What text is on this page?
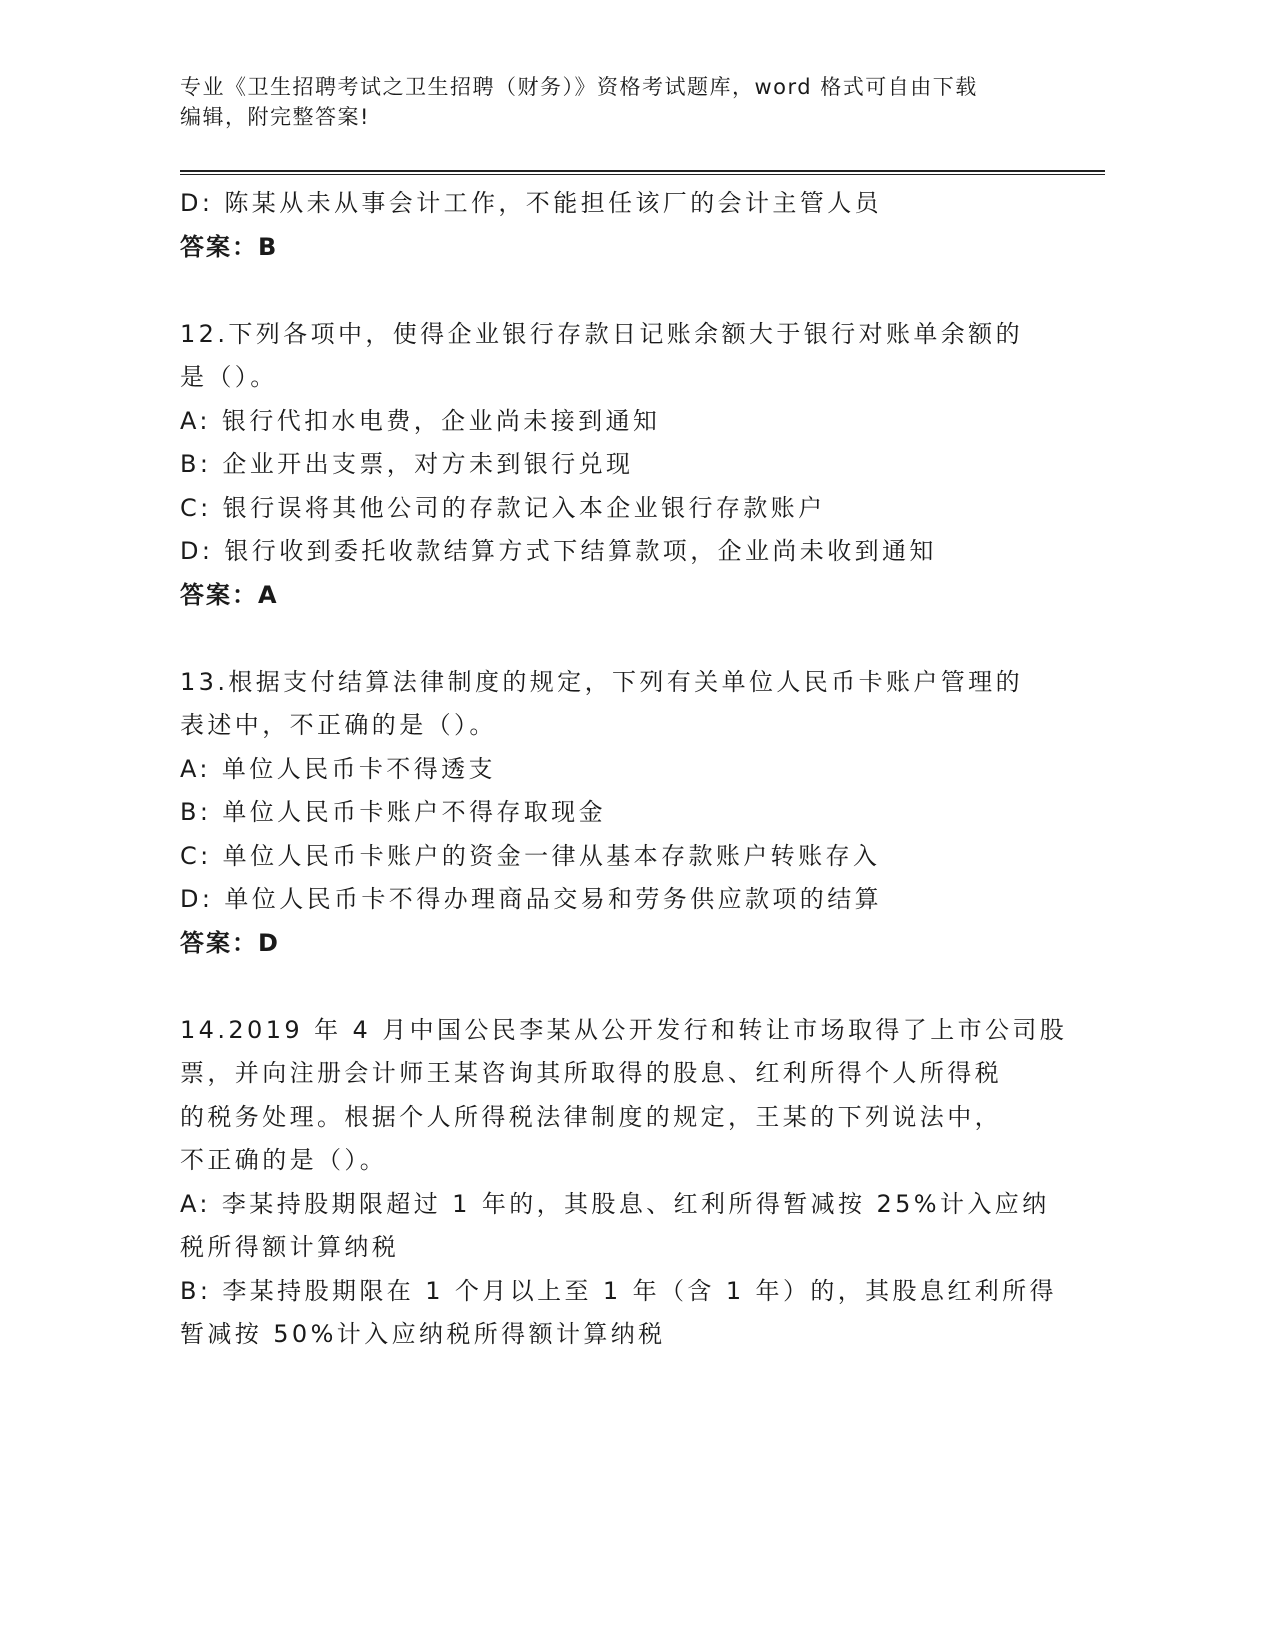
专业《卫生招聘考试之卫生招聘（财务）》资格考试题库，word 格式可自由下载
编辑，附完整答案!
D: 陈某从未从事会计工作，不能担任该厂的会计主管人员
答案：B
12.下列各项中，使得企业银行存款日记账余额大于银行对账单余额的
是（）。
A: 银行代扣水电费，企业尚未接到通知
B: 企业开出支票，对方未到银行兑现
C: 银行误将其他公司的存款记入本企业银行存款账户
D: 银行收到委托收款结算方式下结算款项，企业尚未收到通知
答案：A
13.根据支付结算法律制度的规定，下列有关单位人民币卡账户管理的
表述中，不正确的是（）。
A: 单位人民币卡不得透支
B: 单位人民币卡账户不得存取现金
C: 单位人民币卡账户的资金一律从基本存款账户转账存入
D: 单位人民币卡不得办理商品交易和劳务供应款项的结算
答案：D
14.2019 年 4 月中国公民李某从公开发行和转让市场取得了上市公司股
票，并向注册会计师王某咨询其所取得的股息、红利所得个人所得税
的税务处理。根据个人所得税法律制度的规定，王某的下列说法中，
不正确的是（）。
A: 李某持股期限超过 1 年的，其股息、红利所得暂减按 25%计入应纳
税所得额计算纳税
B: 李某持股期限在 1 个月以上至 1 年（含 1 年）的，其股息红利所得
暂减按 50%计入应纳税所得额计算纳税
